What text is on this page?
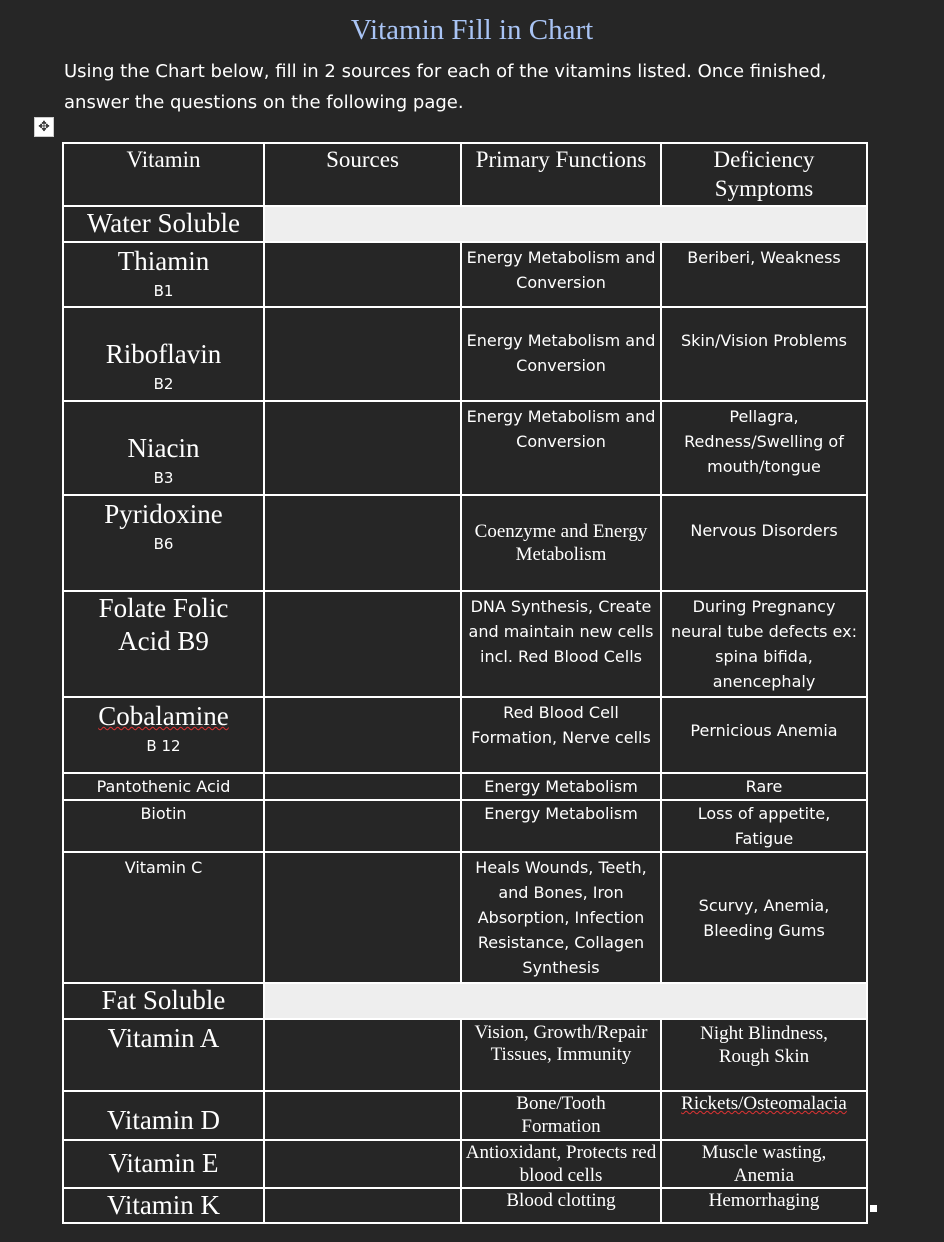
Vitamin Fill in Chart
Using the Chart below, fill in 2 sources for each of the vitamins listed. Once finished, answer the questions on the following page.
✥
Vitamin	Sources	Primary Functions	Deficiency Symptoms
Water Soluble			

Thiamin
B1		Energy Metabolism and Conversion	Beriberi, Weakness

Riboflavin
B2		Energy Metabolism and Conversion	Skin/Vision Problems

Niacin
B3		Energy Metabolism and Conversion	Pellagra, Redness/Swelling of mouth/tongue

Pyridoxine
B6		Coenzyme and Energy Metabolism	Nervous Disorders
Folate Folic Acid B9		DNA Synthesis, Create and maintain new cells incl. Red Blood Cells	During Pregnancy neural tube defects ex: spina bifida, anencephaly

Cobalamine
B 12		Red Blood Cell Formation, Nerve cells	Pernicious Anemia
Pantothenic Acid		Energy Metabolism	Rare
Biotin		Energy Metabolism	Loss of appetite, Fatigue
Vitamin C		Heals Wounds, Teeth, and Bones, Iron Absorption, Infection Resistance, Collagen Synthesis	Scurvy, Anemia, Bleeding Gums
Fat Soluble			
Vitamin A		Vision, Growth/Repair Tissues, Immunity	Night Blindness, Rough Skin
Vitamin D		Bone/Tooth Formation	Rickets/Osteomalacia
Vitamin E		Antioxidant, Protects red blood cells	Muscle wasting, Anemia
Vitamin K		Blood clotting	Hemorrhaging
